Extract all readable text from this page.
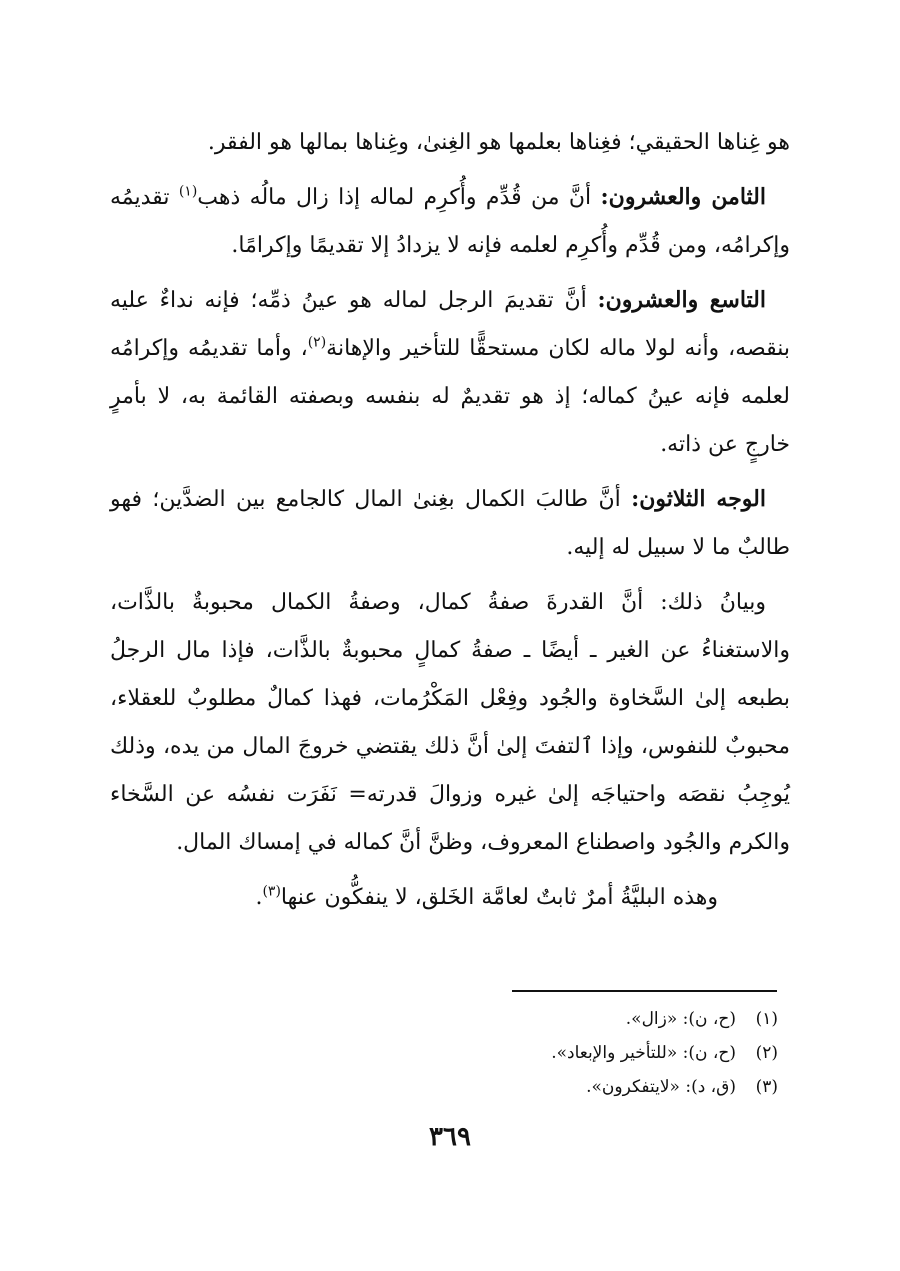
هو غِناها الحقيقي؛ فغِناها بعلمها هو الغِنىٰ، وغِناها بمالها هو الفقر.

الثامن والعشرون: أنَّ من قُدِّم وأُكرِم لماله إذا زال مالُه ذهب$^{(١)}$ تقديمُه وإكرامُه، ومن قُدِّم وأُكرِم لعلمه فإنه لا يزدادُ إلا تقديمًا وإكرامًا.

التاسع والعشرون: أنَّ تقديمَ الرجل لماله هو عينُ ذمِّه؛ فإنه نداءٌ عليه بنقصه، وأنه لولا ماله لكان مستحقًّا للتأخير والإهانة$^{(٢)}$، وأما تقديمُه وإكرامُه لعلمه فإنه عينُ كماله؛ إذ هو تقديمٌ له بنفسه وبصفته القائمة به، لا بأمرٍ خارجٍ عن ذاته.

الوجه الثلاثون: أنَّ طالبَ الكمال بغِنىٰ المال كالجامع بين الضدَّين؛ فهو طالبٌ ما لا سبيل له إليه.

وبيانُ ذلك: أنَّ القدرةَ صفةُ كمال، وصفةُ الكمال محبوبةٌ بالذَّات، والاستغناءُ عن الغير ـ أيضًا ـ صفةُ كمالٍ محبوبةٌ بالذَّات، فإذا مال الرجلُ بطبعه إلىٰ السَّخاوة والجُود وفِعْل المَكْرُمات، فهذا كمالٌ مطلوبٌ للعقلاء، محبوبٌ للنفوس، وإذا ٱلتفتَ إلىٰ أنَّ ذلك يقتضي خروجَ المال من يده، وذلك يُوجِبُ نقصَه واحتياجَه إلىٰ غيره وزوالَ قدرته= نَفَرَت نفسُه عن السَّخاء والكرم والجُود واصطناع المعروف، وظنَّ أنَّ كماله في إمساك المال.

وهذه البليَّةُ أمرٌ ثابتٌ لعامَّة الخَلق، لا ينفكُّون عنها$^{(٣)}$.

(١)(ح، ن): «زال».

(٢)(ح، ن): «للتأخير والإبعاد».

(٣)(ق، د): «لايتفكرون».

٣٦٩
